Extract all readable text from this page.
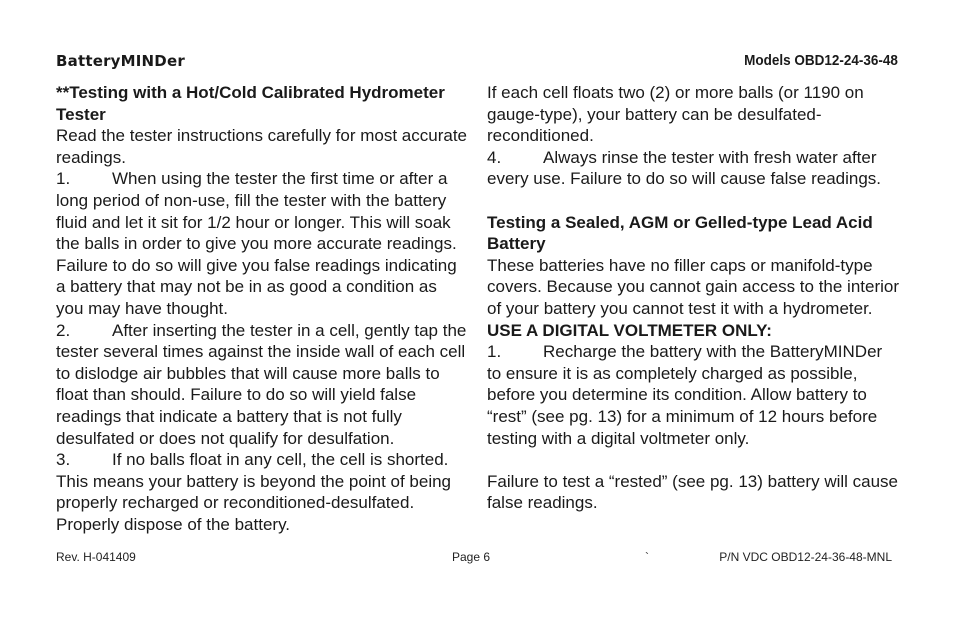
BatteryMINDer	Models OBD12-24-36-48

**Testing with a Hot/Cold Calibrated Hydrometer Tester

Read the tester instructions carefully for most accurate readings.

1. When using the tester the first time or after a long period of non-use, fill the tester with the battery fluid and let it sit for 1/2 hour or longer. This will soak the balls in order to give you more accurate readings. Failure to do so will give you false readings indicating a battery that may not be in as good a condition as you may have thought.

2. After inserting the tester in a cell, gently tap the tester several times against the inside wall of each cell to dislodge air bubbles that will cause more balls to float than should. Failure to do so will yield false readings that indicate a battery that is not fully desulfated or does not qualify for desulfation.

3. If no balls float in any cell, the cell is shorted. This means your battery is beyond the point of being properly recharged or reconditioned-desulfated. Properly dispose of the battery.

If each cell floats two (2) or more balls (or 1190 on gauge-type), your battery can be desulfated-reconditioned.

4. Always rinse the tester with fresh water after every use. Failure to do so will cause false readings.

Testing a Sealed, AGM or Gelled-type Lead Acid Battery

These batteries have no filler caps or manifold-type covers. Because you cannot gain access to the interior of your battery you cannot test it with a hydrometer.

USE A DIGITAL VOLTMETER ONLY:

1. Recharge the battery with the BatteryMINDer to ensure it is as completely charged as possible, before you determine its condition. Allow battery to “rest” (see pg. 13) for a minimum of 12 hours before testing with a digital voltmeter only.

Failure to test a “rested” (see pg. 13) battery will cause false readings.

Rev. H-041409	Page 6	`	P/N VDC OBD12-24-36-48-MNL
